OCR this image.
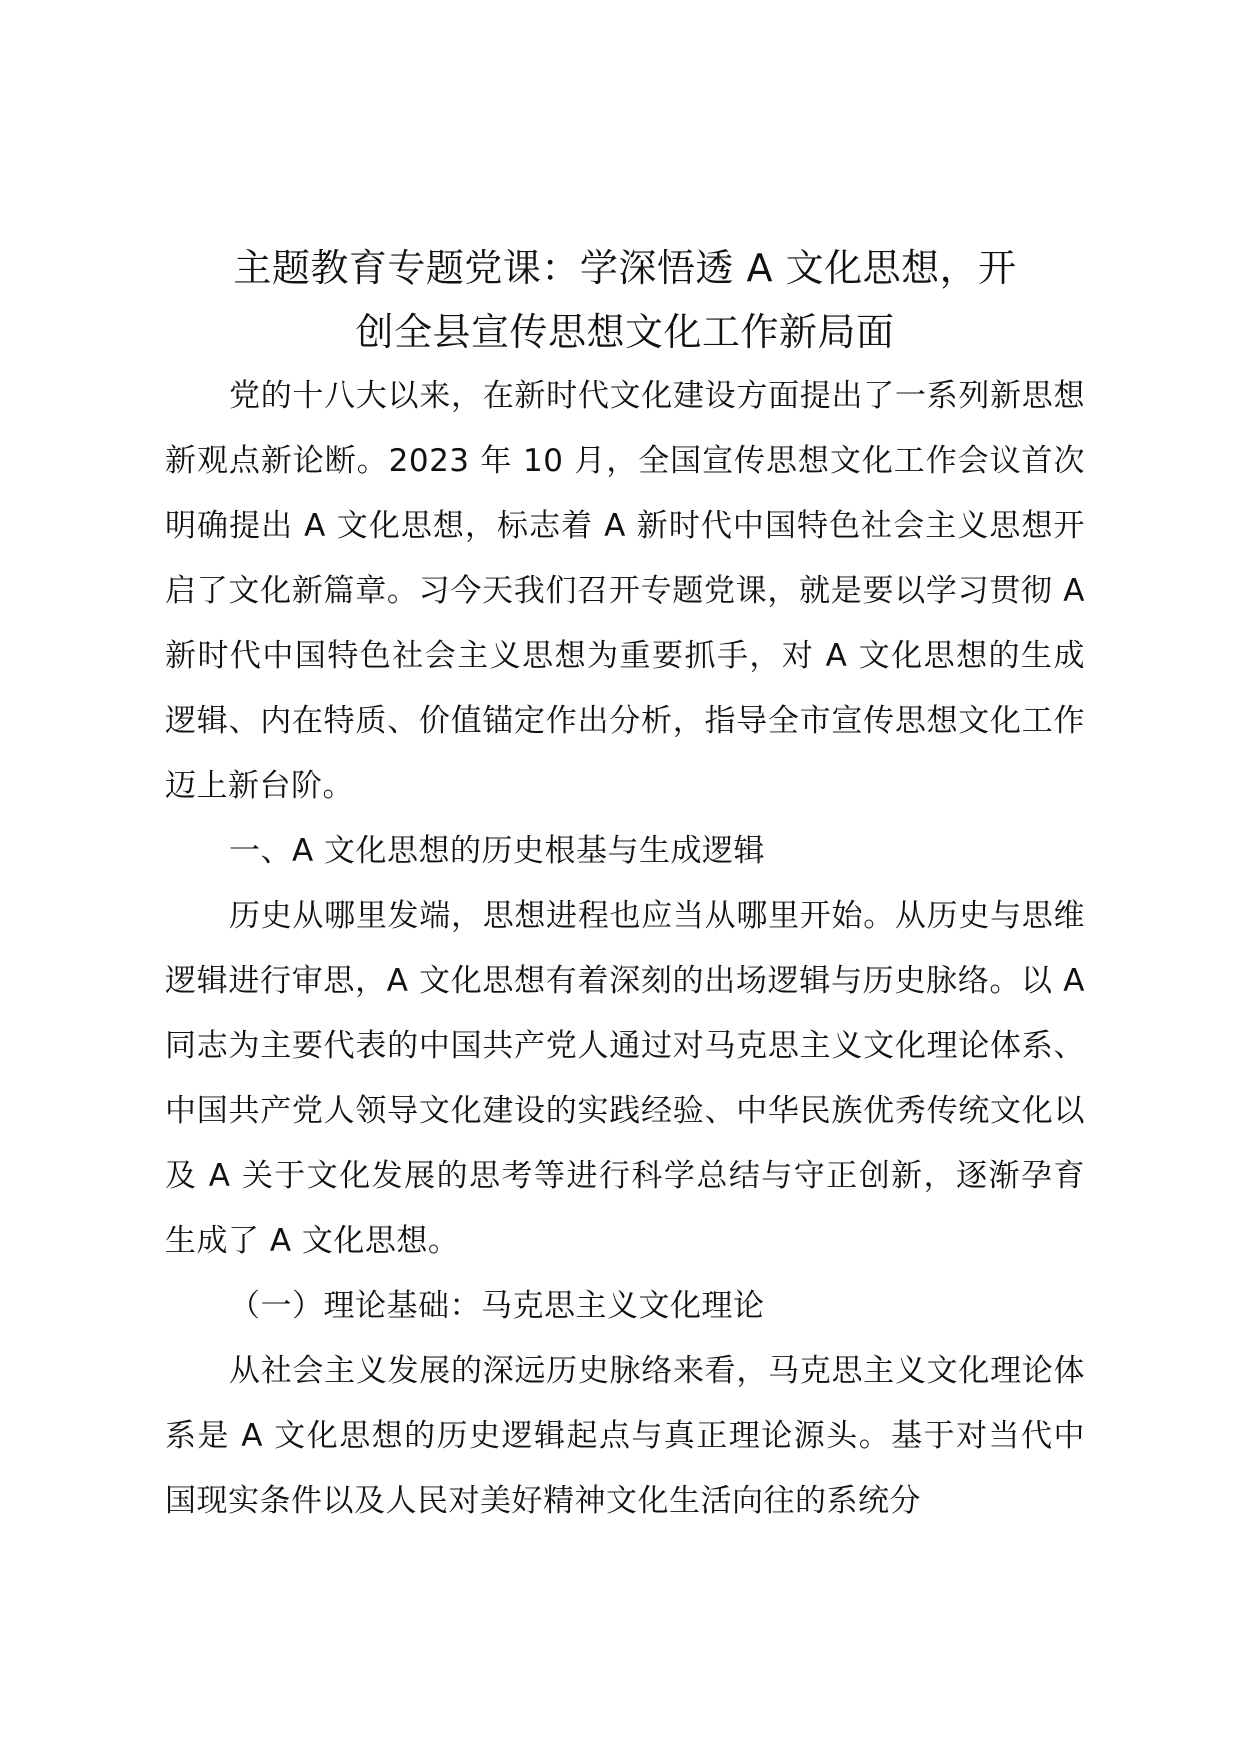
主题教育专题党课：学深悟透 A 文化思想，开
创全县宣传思想文化工作新局面

党的十八大以来，在新时代文化建设方面提出了一系列新思想新观点新论断。2023 年 10 月，全国宣传思想文化工作会议首次明确提出 A 文化思想，标志着 A 新时代中国特色社会主义思想开启了文化新篇章。习今天我们召开专题党课，就是要以学习贯彻 A 新时代中国特色社会主义思想为重要抓手，对 A 文化思想的生成逻辑、内在特质、价值锚定作出分析，指导全市宣传思想文化工作迈上新台阶。

一、A 文化思想的历史根基与生成逻辑

历史从哪里发端，思想进程也应当从哪里开始。从历史与思维逻辑进行审思，A 文化思想有着深刻的出场逻辑与历史脉络。以 A 同志为主要代表的中国共产党人通过对马克思主义文化理论体系、中国共产党人领导文化建设的实践经验、中华民族优秀传统文化以及 A 关于文化发展的思考等进行科学总结与守正创新，逐渐孕育生成了 A 文化思想。

（一）理论基础：马克思主义文化理论

从社会主义发展的深远历史脉络来看，马克思主义文化理论体系是 A 文化思想的历史逻辑起点与真正理论源头。基于对当代中国现实条件以及人民对美好精神文化生活向往的系统分
